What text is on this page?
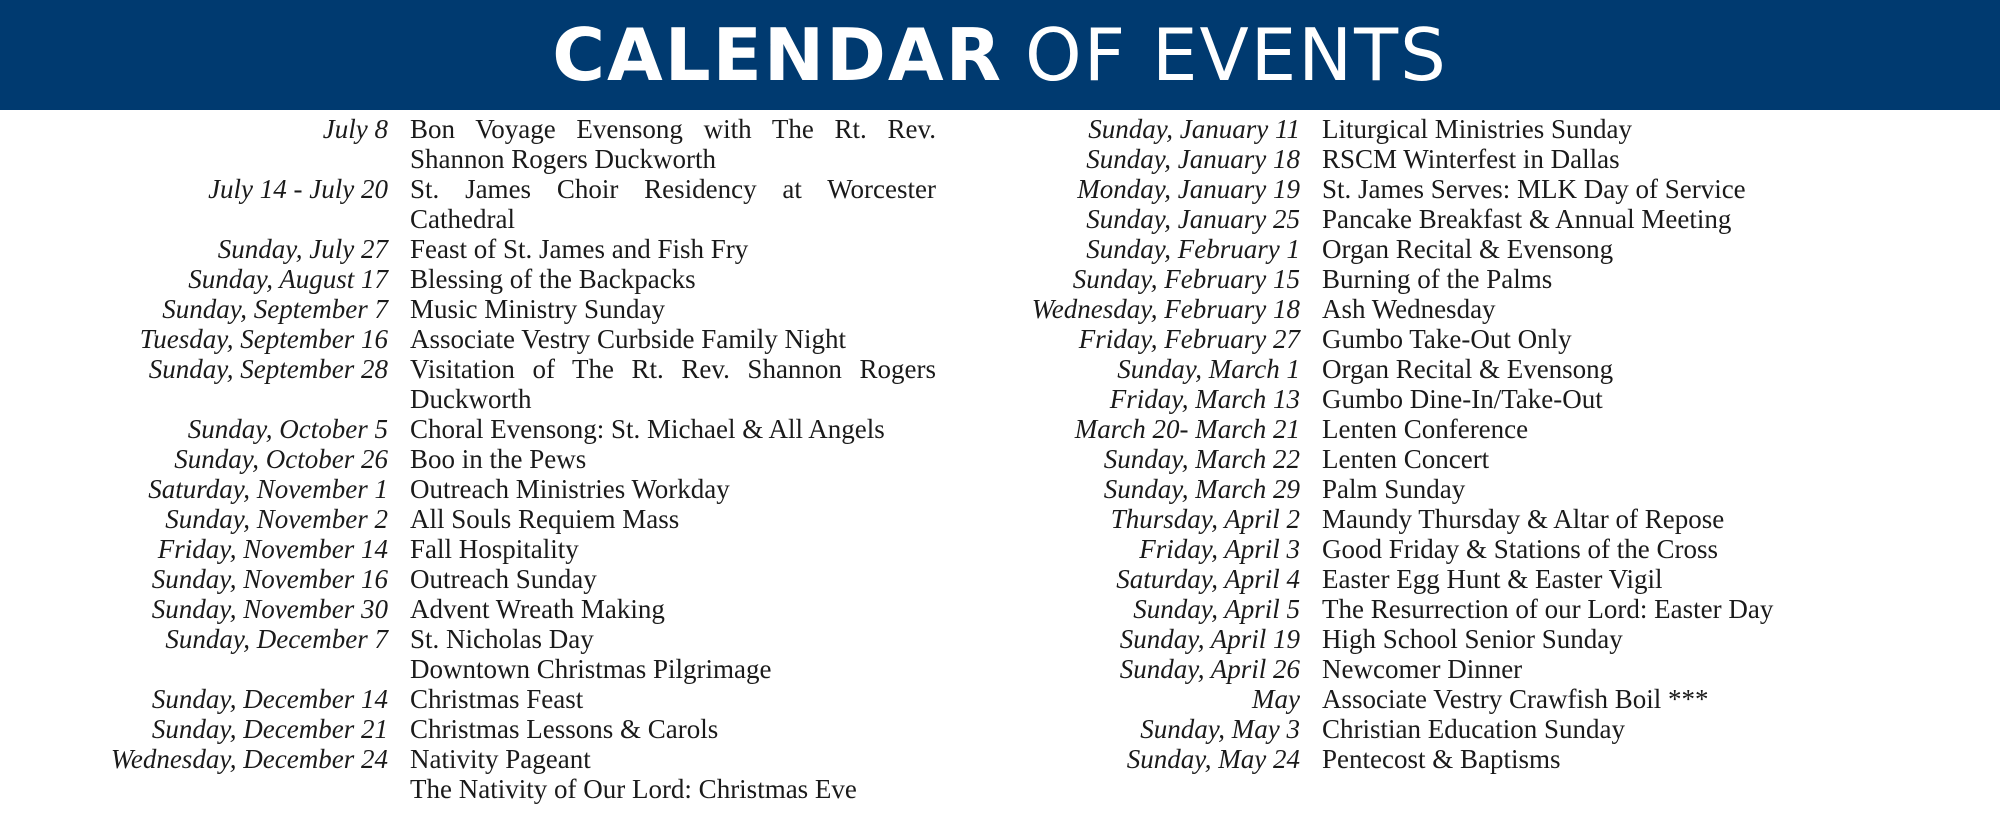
CALENDAR OF EVENTS
July 8 Bon Voyage Evensong with The Rt. Rev. Shannon Rogers Duckworth
July 14 - July 20 St. James Choir Residency at Worcester Cathedral
Sunday, July 27 Feast of St. James and Fish Fry
Sunday, August 17 Blessing of the Backpacks
Sunday, September 7 Music Ministry Sunday
Tuesday, September 16 Associate Vestry Curbside Family Night
Sunday, September 28 Visitation of The Rt. Rev. Shannon Rogers Duckworth
Sunday, October 5 Choral Evensong: St. Michael & All Angels
Sunday, October 26 Boo in the Pews
Saturday, November 1 Outreach Ministries Workday
Sunday, November 2 All Souls Requiem Mass
Friday, November 14 Fall Hospitality
Sunday, November 16 Outreach Sunday
Sunday, November 30 Advent Wreath Making
Sunday, December 7 St. Nicholas Day
Downtown Christmas Pilgrimage
Sunday, December 14 Christmas Feast
Sunday, December 21 Christmas Lessons & Carols
Wednesday, December 24 Nativity Pageant
The Nativity of Our Lord: Christmas Eve
Sunday, January 11 Liturgical Ministries Sunday
Sunday, January 18 RSCM Winterfest in Dallas
Monday, January 19 St. James Serves: MLK Day of Service
Sunday, January 25 Pancake Breakfast & Annual Meeting
Sunday, February 1 Organ Recital & Evensong
Sunday, February 15 Burning of the Palms
Wednesday, February 18 Ash Wednesday
Friday, February 27 Gumbo Take-Out Only
Sunday, March 1 Organ Recital & Evensong
Friday, March 13 Gumbo Dine-In/Take-Out
March 20- March 21 Lenten Conference
Sunday, March 22 Lenten Concert
Sunday, March 29 Palm Sunday
Thursday, April 2 Maundy Thursday & Altar of Repose
Friday, April 3 Good Friday & Stations of the Cross
Saturday, April 4 Easter Egg Hunt & Easter Vigil
Sunday, April 5 The Resurrection of our Lord: Easter Day
Sunday, April 19 High School Senior Sunday
Sunday, April 26 Newcomer Dinner
May Associate Vestry Crawfish Boil ***
Sunday, May 3 Christian Education Sunday
Sunday, May 24 Pentecost & Baptisms
